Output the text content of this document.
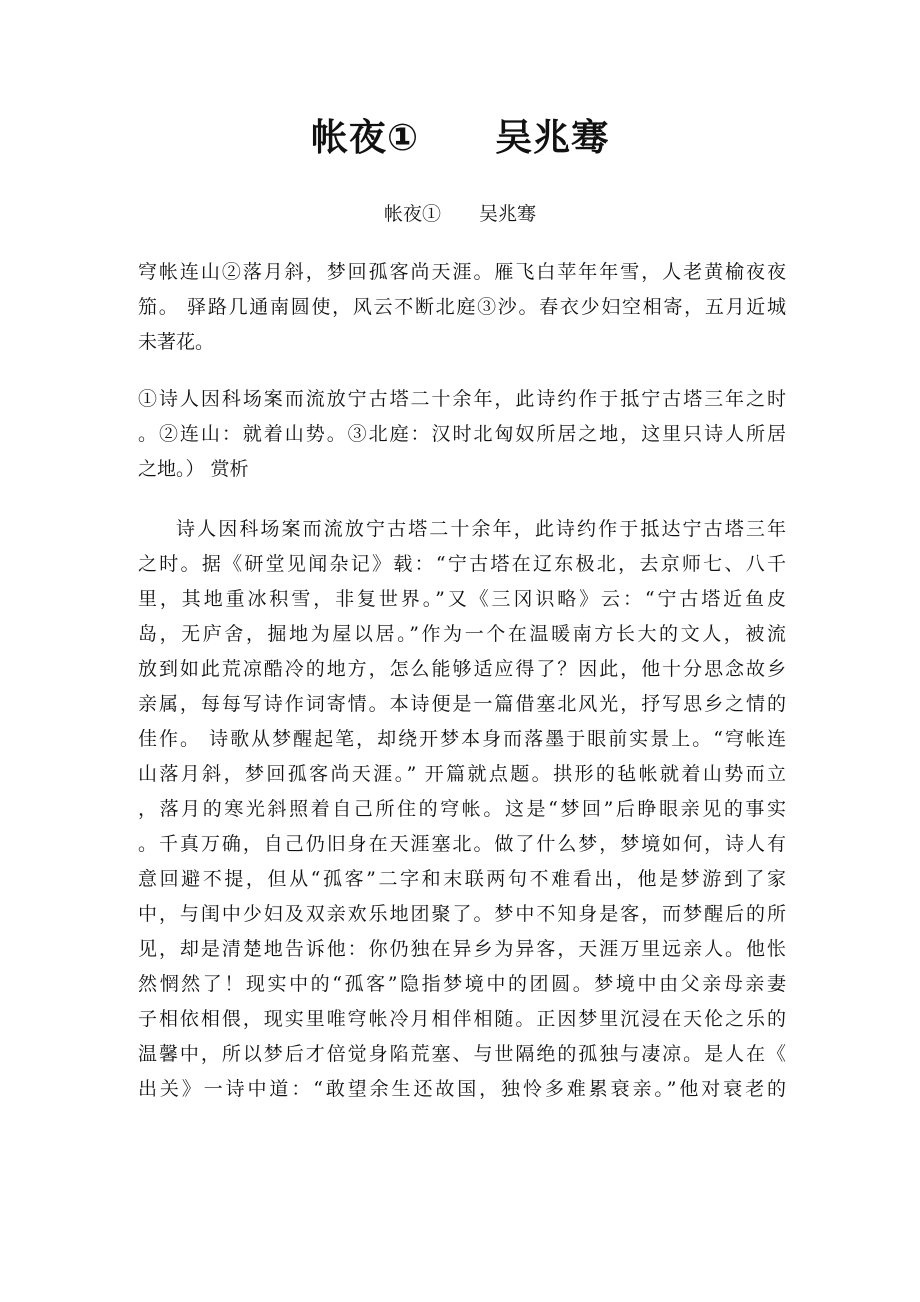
帐夜①　　吴兆骞
帐夜①　　吴兆骞
穹帐连山②落月斜，梦回孤客尚天涯。雁飞白苹年年雪，人老黄榆夜夜
笳。 驿路几通南圆使，风云不断北庭③沙。春衣少妇空相寄，五月近城
未著花。
①诗人因科场案而流放宁古塔二十余年，此诗约作于抵宁古塔三年之时
。②连山：就着山势。③北庭：汉时北匈奴所居之地，这里只诗人所居
之地。） 赏析
诗人因科场案而流放宁古塔二十余年，此诗约作于抵达宁古塔三年
之时。据《研堂见闻杂记》载：“宁古塔在辽东极北，去京师七、八千
里，其地重冰积雪，非复世界。”又《三冈识略》云：“宁古塔近鱼皮
岛，无庐舍，掘地为屋以居。”作为一个在温暖南方长大的文人，被流
放到如此荒凉酷冷的地方，怎么能够适应得了？因此，他十分思念故乡
亲属，每每写诗作词寄情。本诗便是一篇借塞北风光，抒写思乡之情的
佳作。 诗歌从梦醒起笔，却绕开梦本身而落墨于眼前实景上。“穹帐连
山落月斜，梦回孤客尚天涯。” 开篇就点题。拱形的毡帐就着山势而立
，落月的寒光斜照着自己所住的穹帐。这是“梦回”后睁眼亲见的事实
。千真万确，自己仍旧身在天涯塞北。做了什么梦，梦境如何，诗人有
意回避不提，但从“孤客”二字和末联两句不难看出，他是梦游到了家
中，与闺中少妇及双亲欢乐地团聚了。梦中不知身是客，而梦醒后的所
见，却是清楚地告诉他：你仍独在异乡为异客，天涯万里远亲人。他怅
然惘然了！现实中的“孤客”隐指梦境中的团圆。梦境中由父亲母亲妻
子相依相偎，现实里唯穹帐冷月相伴相随。正因梦里沉浸在天伦之乐的
温馨中，所以梦后才倍觉身陷荒塞、与世隔绝的孤独与凄凉。是人在《
出关》一诗中道：“敢望余生还故国，独怜多难累衰亲。”他对衰老的
